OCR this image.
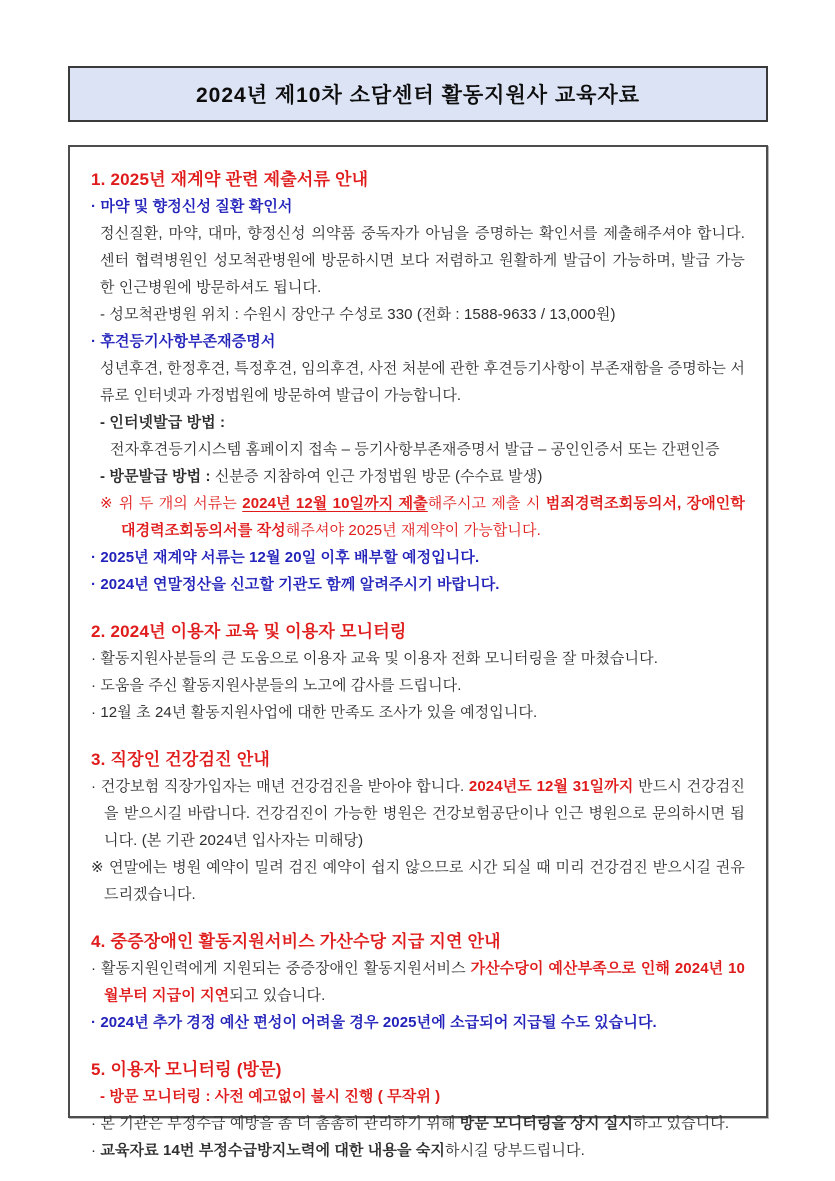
2024년 제10차 소담센터 활동지원사 교육자료
1. 2025년 재계약 관련 제출서류 안내
· 마약 및 향정신성 질환 확인서
정신질환, 마약, 대마, 향정신성 의약품 중독자가 아님을 증명하는 확인서를 제출해주셔야 합니다. 센터 협력병원인 성모척관병원에 방문하시면 보다 저렴하고 원활하게 발급이 가능하며, 발급 가능한 인근병원에 방문하셔도 됩니다.
- 성모척관병원 위치 : 수원시 장안구 수성로 330 (전화 : 1588-9633 / 13,000원)
· 후견등기사항부존재증명서
성년후견, 한정후견, 특정후견, 임의후견, 사전 처분에 관한 후견등기사항이 부존재함을 증명하는 서류로 인터넷과 가정법원에 방문하여 발급이 가능합니다.
- 인터넷발급 방법 :
전자후견등기시스템 홈페이지 접속 – 등기사항부존재증명서 발급 – 공인인증서 또는 간편인증
- 방문발급 방법 : 신분증 지참하여 인근 가정법원 방문 (수수료 발생)
※ 위 두 개의 서류는 2024년 12월 10일까지 제출해주시고 제출 시 범죄경력조회동의서, 장애인학대경력조회동의서를 작성해주셔야 2025년 재계약이 가능합니다.
· 2025년 재계약 서류는 12월 20일 이후 배부할 예정입니다.
· 2024년 연말정산을 신고할 기관도 함께 알려주시기 바랍니다.
2. 2024년 이용자 교육 및 이용자 모니터링
· 활동지원사분들의 큰 도움으로 이용자 교육 및 이용자 전화 모니터링을 잘 마쳤습니다.
· 도움을 주신 활동지원사분들의 노고에 감사를 드립니다.
· 12월 초 24년 활동지원사업에 대한 만족도 조사가 있을 예정입니다.
3. 직장인 건강검진 안내
· 건강보험 직장가입자는 매년 건강검진을 받아야 합니다. 2024년도 12월 31일까지 반드시 건강검진을 받으시길 바랍니다. 건강검진이 가능한 병원은 건강보험공단이나 인근 병원으로 문의하시면 됩니다. (본 기관 2024년 입사자는 미해당)
※ 연말에는 병원 예약이 밀려 검진 예약이 쉽지 않으므로 시간 되실 때 미리 건강검진 받으시길 권유 드리겠습니다.
4. 중증장애인 활동지원서비스 가산수당 지급 지연 안내
· 활동지원인력에게 지원되는 중증장애인 활동지원서비스 가산수당이 예산부족으로 인해 2024년 10월부터 지급이 지연되고 있습니다.
· 2024년 추가 경정 예산 편성이 어려울 경우 2025년에 소급되어 지급될 수도 있습니다.
5. 이용자 모니터링 (방문)
- 방문 모니터링 : 사전 예고없이 불시 진행 ( 무작위 )
· 본 기관은 부정수급 예방을 좀 더 촘촘히 관리하기 위해 방문 모니터링을 상시 실시하고 있습니다.
· 교육자료 14번 부정수급방지노력에 대한 내용을 숙지하시길 당부드립니다.
